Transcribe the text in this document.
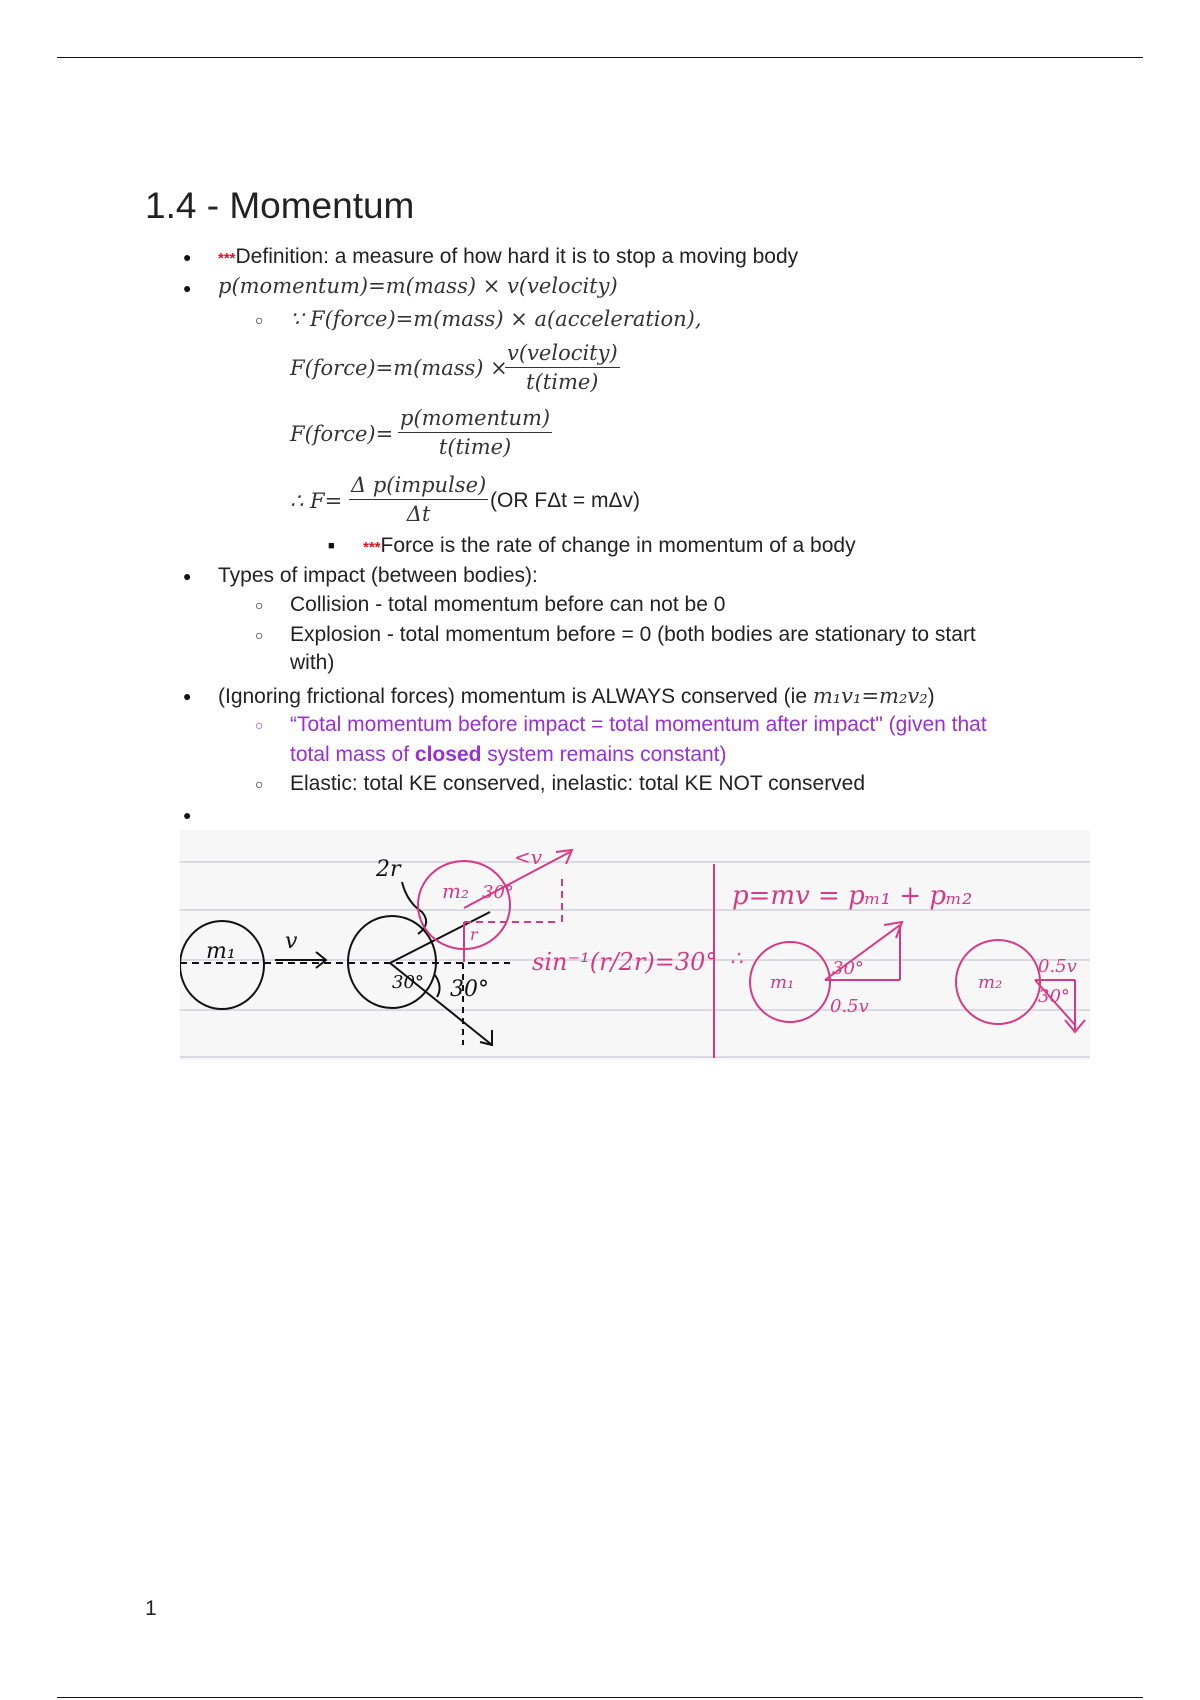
1.4 - Momentum
●
***Definition: a measure of how hard it is to stop a moving body
●
p(momentum)=m(mass) × v(velocity)
○
∵ F(force)=m(mass) × a(acceleration),
F(force)=m(mass) ×
v(velocity)
t(time)
F(force)=
p(momentum)
t(time)
∴ F=
Δ p(impulse)
Δt
(OR FΔt = mΔv)
■
***Force is the rate of change in momentum of a body
●
Types of impact (between bodies):
○
Collision - total momentum before can not be 0
○
Explosion - total momentum before = 0 (both bodies are stationary to start
with)
●
(Ignoring frictional forces) momentum is ALWAYS conserved (ie m₁v₁=m₂v₂)
○
“Total momentum before impact = total momentum after impact" (given that
total mass of closed system remains constant)
○
Elastic: total KE conserved, inelastic: total KE NOT conserved
●
m₁ v
2r
30° 30°
m₂ 30°
r
<v
sin⁻¹(r/2r)=30°
p=mv = pₘ₁ + pₘ₂
∴
m₁
30°
0.5v
m₂
30°
0.5v
1
